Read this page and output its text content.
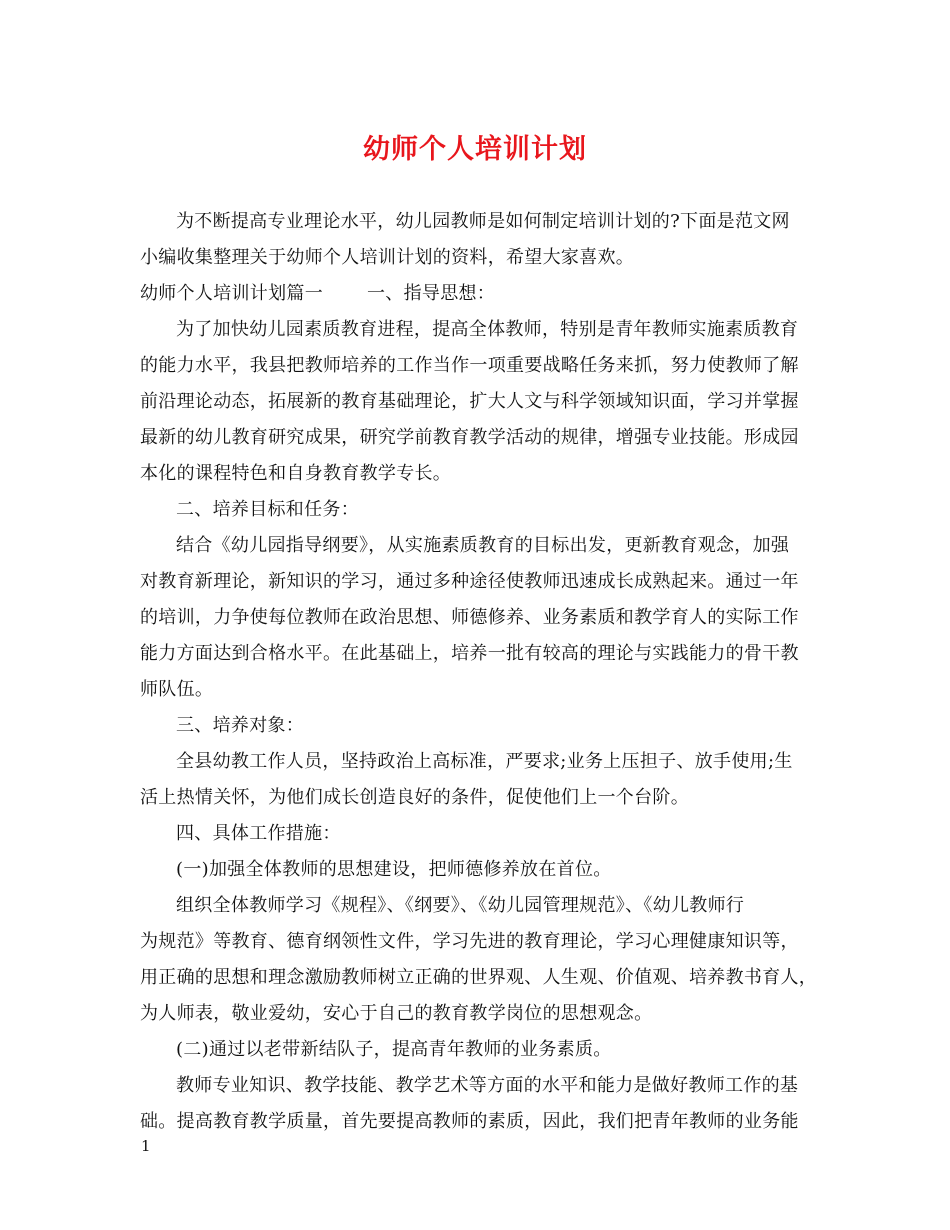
幼师个人培训计划
为不断提高专业理论水平，幼儿园教师是如何制定培训计划的?下面是范文网
小编收集整理关于幼师个人培训计划的资料，希望大家喜欢。
幼师个人培训计划篇一 一、指导思想：
为了加快幼儿园素质教育进程，提高全体教师，特别是青年教师实施素质教育
的能力水平，我县把教师培养的工作当作一项重要战略任务来抓，努力使教师了解
前沿理论动态，拓展新的教育基础理论，扩大人文与科学领域知识面，学习并掌握
最新的幼儿教育研究成果，研究学前教育教学活动的规律，增强专业技能。形成园
本化的课程特色和自身教育教学专长。
二、培养目标和任务：
结合《幼儿园指导纲要》，从实施素质教育的目标出发，更新教育观念，加强
对教育新理论，新知识的学习，通过多种途径使教师迅速成长成熟起来。通过一年
的培训，力争使每位教师在政治思想、师德修养、业务素质和教学育人的实际工作
能力方面达到合格水平。在此基础上，培养一批有较高的理论与实践能力的骨干教
师队伍。
三、培养对象：
全县幼教工作人员，坚持政治上高标准，严要求;业务上压担子、放手使用;生
活上热情关怀，为他们成长创造良好的条件，促使他们上一个台阶。
四、具体工作措施：
(一)加强全体教师的思想建设，把师德修养放在首位。
组织全体教师学习《规程》、《纲要》、《幼儿园管理规范》、《幼儿教师行
为规范》等教育、德育纲领性文件，学习先进的教育理论，学习心理健康知识等，
用正确的思想和理念激励教师树立正确的世界观、人生观、价值观、培养教书育人，
为人师表，敬业爱幼，安心于自己的教育教学岗位的思想观念。
(二)通过以老带新结队子，提高青年教师的业务素质。
教师专业知识、教学技能、教学艺术等方面的水平和能力是做好教师工作的基
础。提高教育教学质量，首先要提高教师的素质，因此，我们把青年教师的业务能
1
